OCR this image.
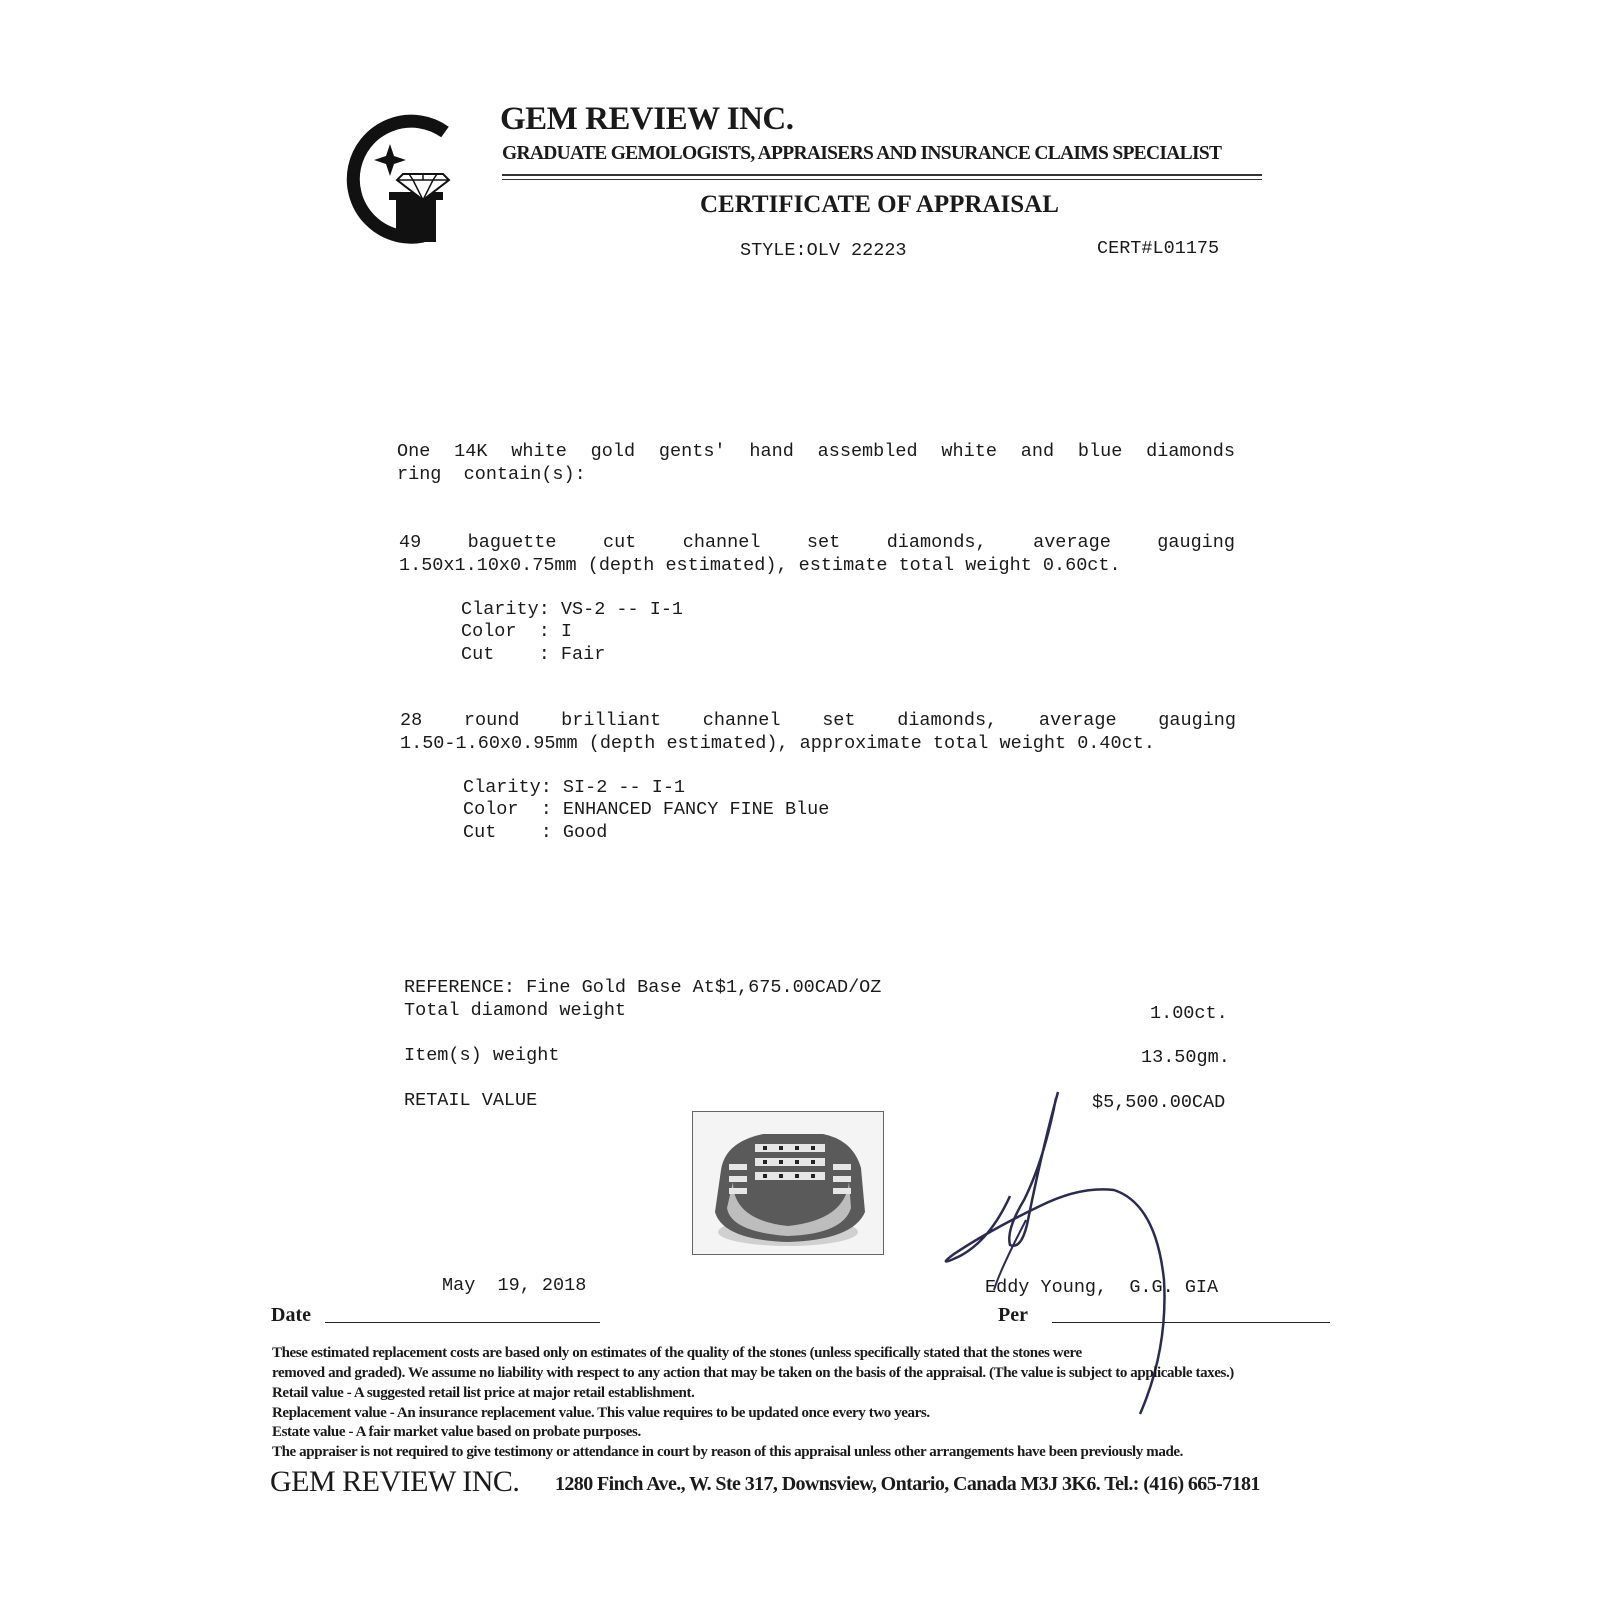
GEM REVIEW INC.
GRADUATE GEMOLOGISTS, APPRAISERS AND INSURANCE CLAIMS SPECIALIST
CERTIFICATE OF APPRAISAL
STYLE:OLV 22223	CERT#L01175
One 14K white gold gents' hand assembled white and blue diamonds
ring  contain(s):
49 baguette cut channel set diamonds, average gauging
1.50x1.10x0.75mm (depth estimated), estimate total weight 0.60ct.
Clarity: VS-2 -- I-1
Color  : I
Cut    : Fair
28 round brilliant channel set diamonds, average gauging
1.50-1.60x0.95mm (depth estimated), approximate total weight 0.40ct.
Clarity: SI-2 -- I-1
Color  : ENHANCED FANCY FINE Blue
Cut    : Good
REFERENCE: Fine Gold Base At$1,675.00CAD/OZ
Total diamond weight	1.00ct.
Item(s) weight	13.50gm.
RETAIL VALUE	$5,500.00CAD
May  19, 2018
Date
Eddy Young,  G.G. GIA
Per
These estimated replacement costs are based only on estimates of the quality of the stones (unless specifically stated that the stones were
removed and graded). We assume no liability with respect to any action that may be taken on the basis of the appraisal. (The value is subject to applicable taxes.)
Retail value - A suggested retail list price at major retail establishment.
Replacement value - An insurance replacement value. This value requires to be updated once every two years.
Estate value - A fair market value based on probate purposes.
The appraiser is not required to give testimony or attendance in court by reason of this appraisal unless other arrangements have been previously made.
GEM REVIEW INC. 1280 Finch Ave., W. Ste 317, Downsview, Ontario, Canada M3J 3K6. Tel.: (416) 665-7181
